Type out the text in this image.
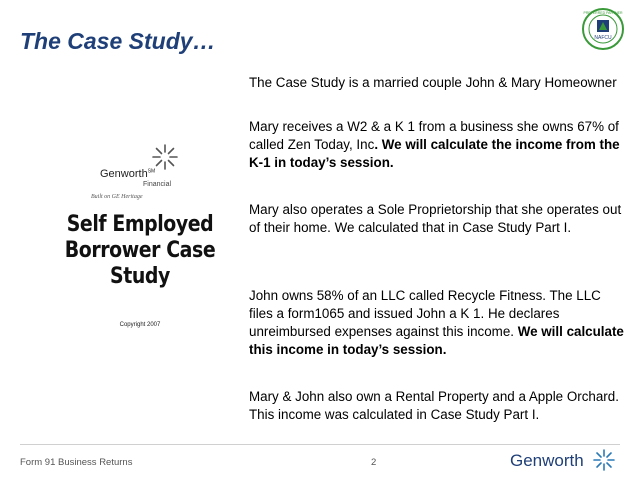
The Case Study…	NAFCU
PREFERRED PARTNER

The Case Study is a married couple John & Mary Homeowner

Mary receives a W2 & a K 1 from a business she owns 67% of called Zen Today, Inc. We will calculate the income from the K-1 in today’s session.

Mary also operates a Sole Proprietorship that she operates out of their home. We calculated that in Case Study Part I.

John owns 58% of an LLC called Recycle Fitness. The LLC files a form1065 and issued John a K 1. He declares unreimbursed expenses against this income. We will calculate this income in today’s session.

Mary & John also own a Rental Property and a Apple Orchard. This income was calculated in Case Study Part I.

Genworth℠
Financial
Built on GE Heritage
Self Employed
Borrower Case
Study
Copyright 2007
Form 91 Business Returns	2	Genworth
